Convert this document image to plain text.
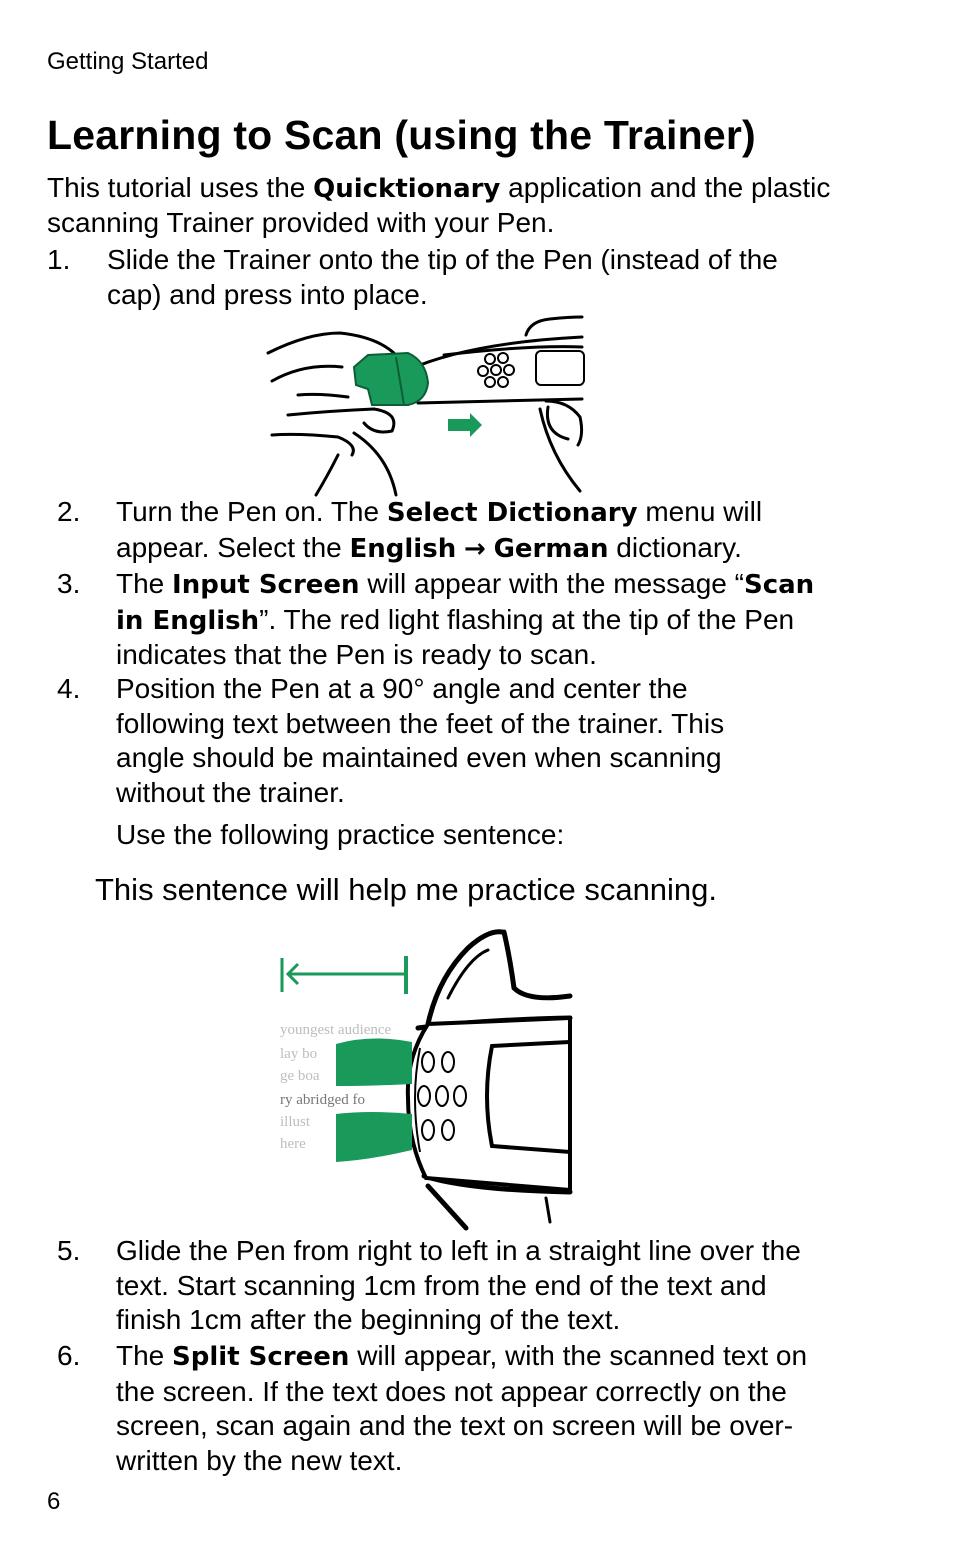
Getting Started
Learning to Scan (using the Trainer)

This tutorial uses the Quicktionary application and the plastic scanning Trainer provided with your Pen.

1. Slide the Trainer onto the tip of the Pen (instead of the cap) and press into place.
2. Turn the Pen on. The Select Dictionary menu will appear. Select the English → German dictionary.
3. The Input Screen will appear with the message “Scan in English”. The red light flashing at the tip of the Pen indicates that the Pen is ready to scan.
4. Position the Pen at a 90° angle and center the following text between the feet of the trainer. This angle should be maintained even when scanning without the trainer.
Use the following practice sentence:

This sentence will help me practice scanning.

youngest audience
lay bo
ge boa
ry abridged fo
illust
here
5. Glide the Pen from right to left in a straight line over the text. Start scanning 1cm from the end of the text and finish 1cm after the beginning of the text.
6. The Split Screen will appear, with the scanned text on the screen. If the text does not appear correctly on the screen, scan again and the text on screen will be over-written by the new text.
6
